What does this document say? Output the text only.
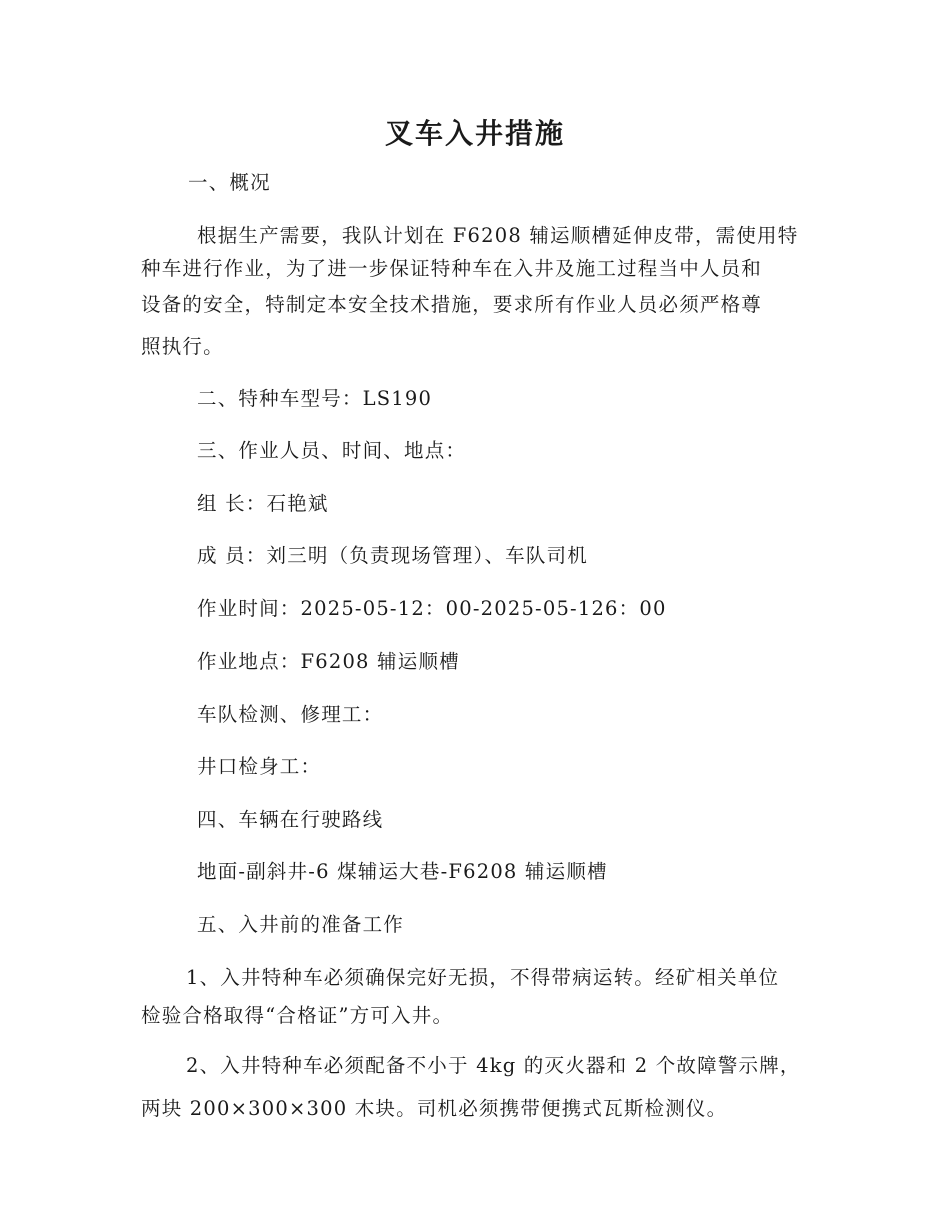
叉车入井措施
一、概况
根据生产需要，我队计划在 F6208 辅运顺槽延伸皮带，需使用特
种车进行作业，为了进一步保证特种车在入井及施工过程当中人员和
设备的安全，特制定本安全技术措施，要求所有作业人员必须严格尊
照执行。
二、特种车型号：LS190
三、作业人员、时间、地点：
组 长：石艳斌
成 员：刘三明（负责现场管理）、车队司机
作业时间：2025-05-12：00-2025-05-126：00
作业地点：F6208 辅运顺槽
车队检测、修理工：
井口检身工：
四、车辆在行驶路线
地面-副斜井-6 煤辅运大巷-F6208 辅运顺槽
五、入井前的准备工作
1、入井特种车必须确保完好无损，不得带病运转。经矿相关单位
检验合格取得“合格证”方可入井。
2、入井特种车必须配备不小于 4kg 的灭火器和 2 个故障警示牌，
两块 200×300×300 木块。司机必须携带便携式瓦斯检测仪。
